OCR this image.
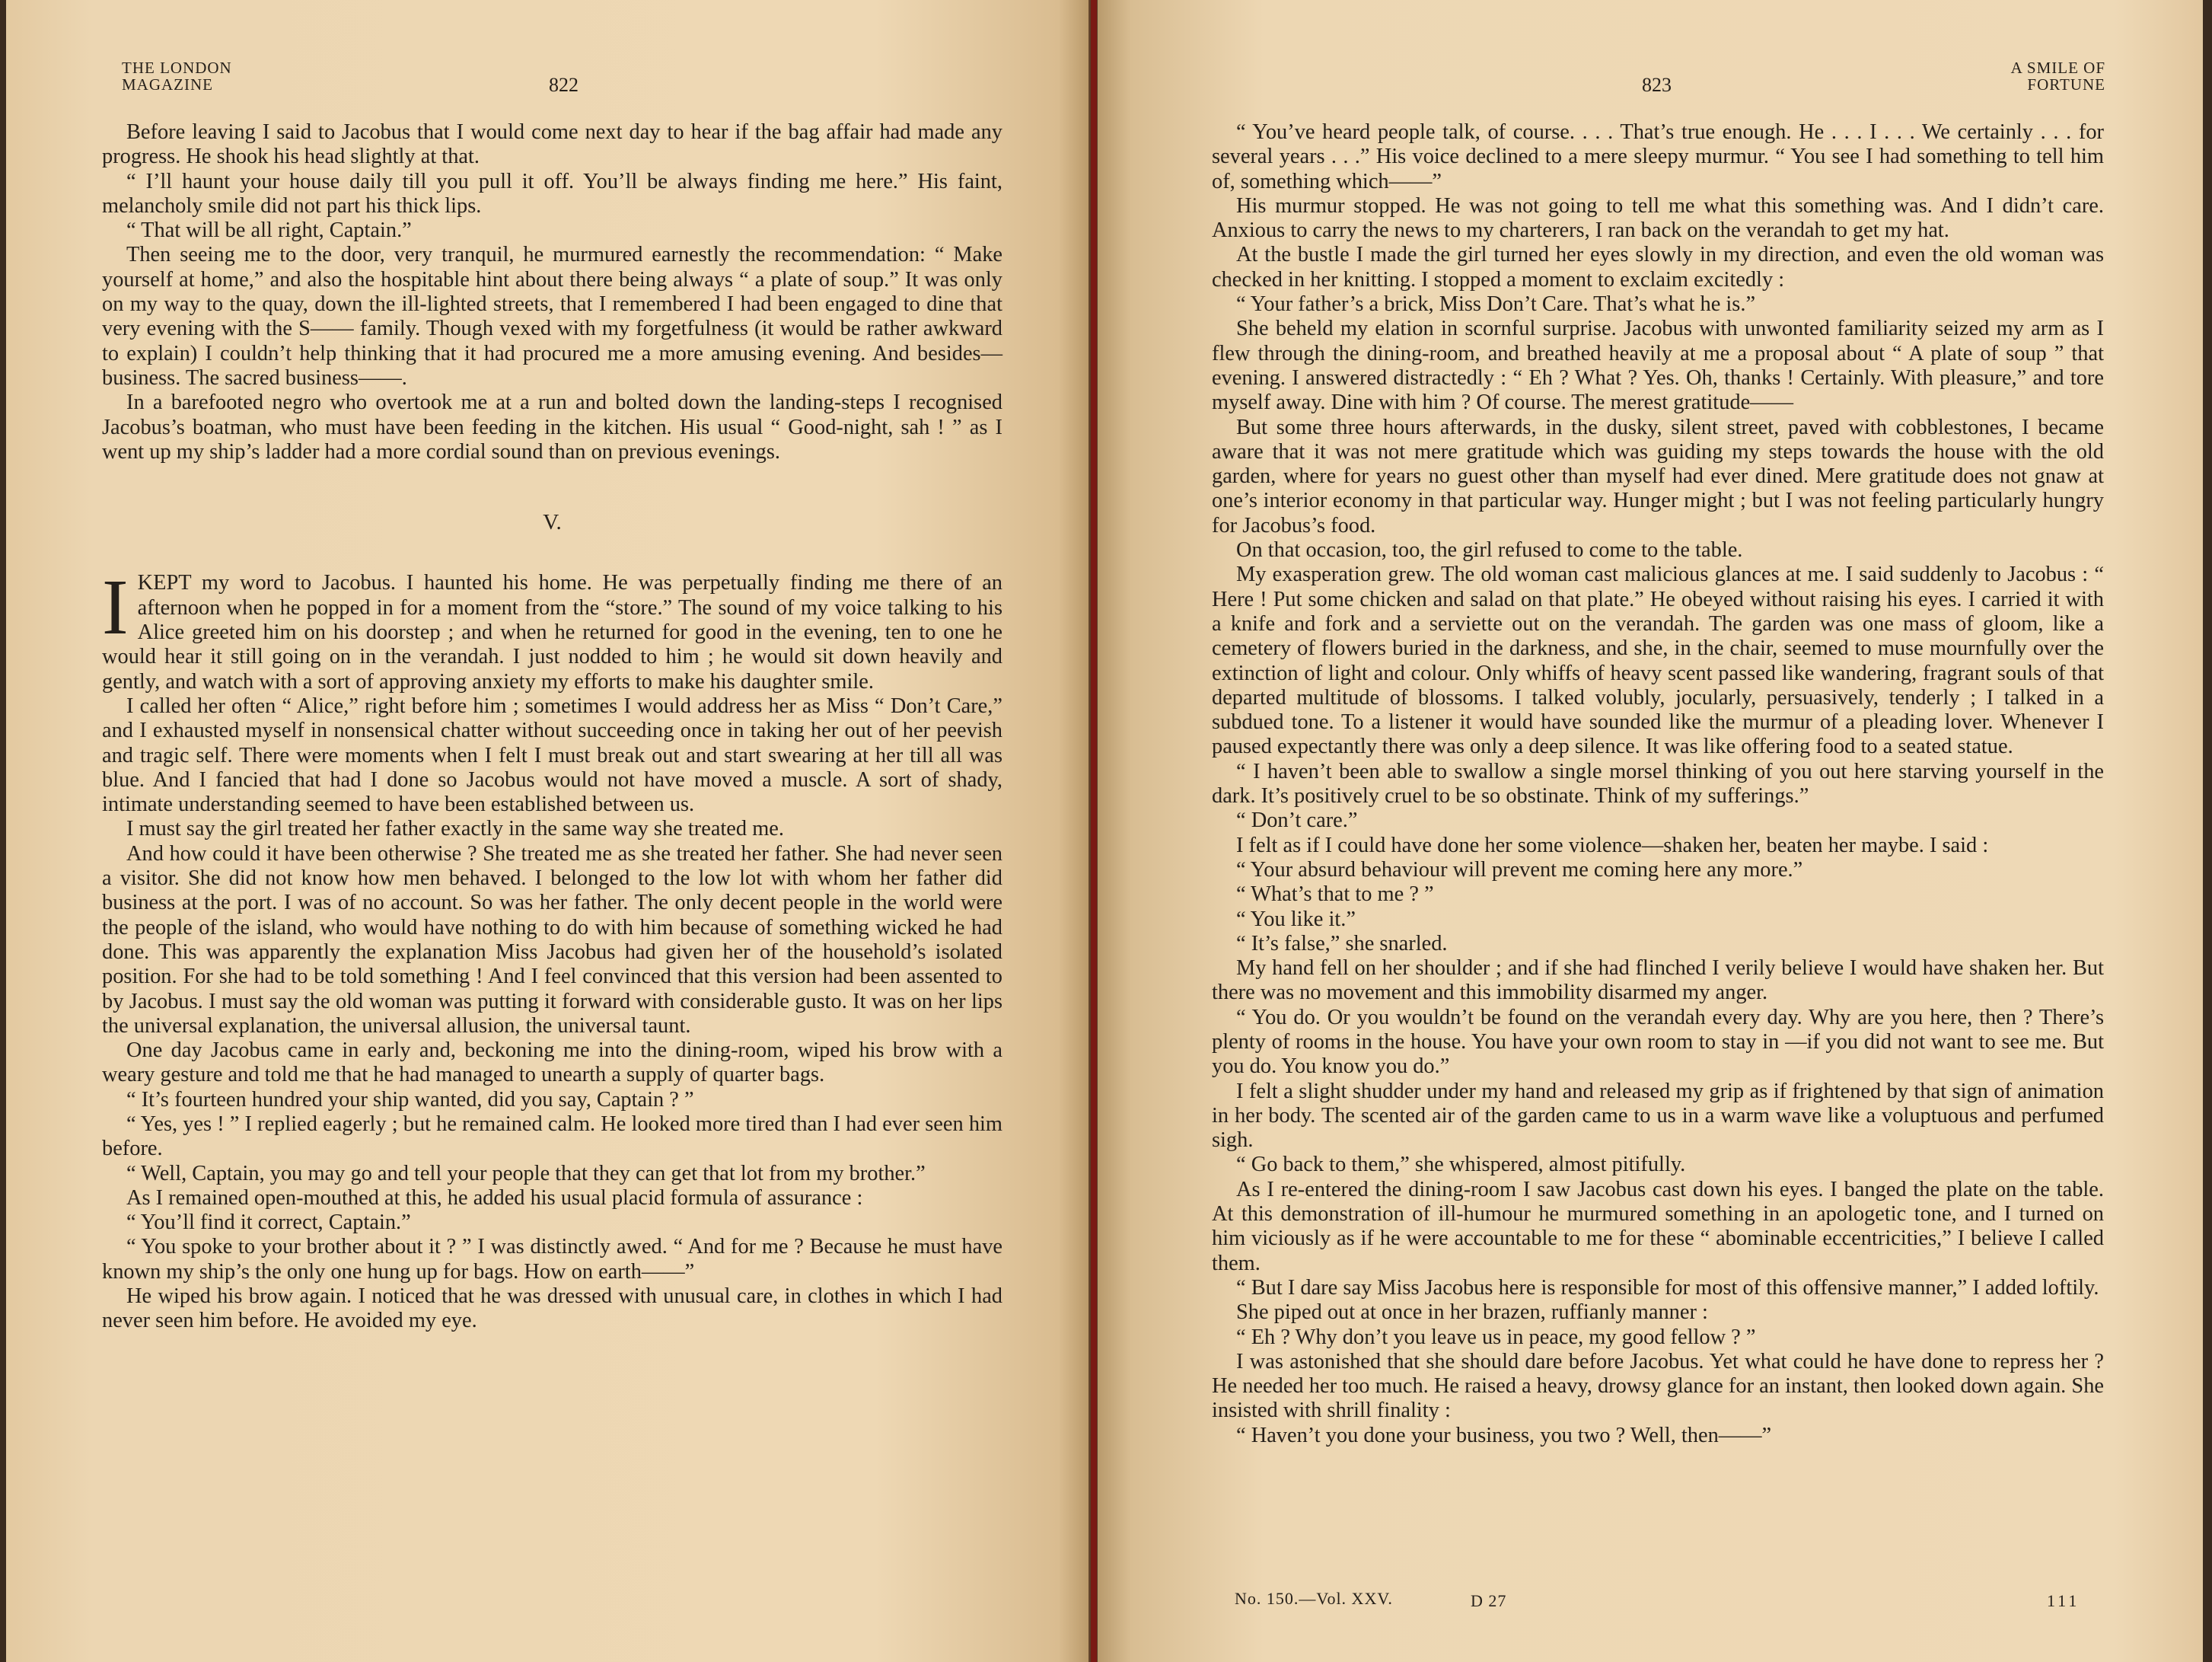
THE LONDON
MAGAZINE	822

Before leaving I said to Jacobus that I would come next day to hear if the bag affair had made any progress. He shook his head slightly at that.

“ I’ll haunt your house daily till you pull it off. You’ll be always finding me here.” His faint, melancholy smile did not part his thick lips.

“ That will be all right, Captain.”

Then seeing me to the door, very tranquil, he murmured earnestly the recommendation: “ Make yourself at home,” and also the hospitable hint about there being always “ a plate of soup.” It was only on my way to the quay, down the ill-lighted streets, that I remembered I had been engaged to dine that very evening with the S—— family. Though vexed with my forgetfulness (it would be rather awkward to explain) I couldn’t help thinking that it had procured me a more amusing evening. And besides—business. The sacred business——.

In a barefooted negro who overtook me at a run and bolted down the landing-steps I recognised Jacobus’s boatman, who must have been feeding in the kitchen. His usual “ Good-night, sah ! ” as I went up my ship’s ladder had a more cordial sound than on previous evenings.

V.

IKEPT my word to Jacobus. I haunted his home. He was perpetually finding me there of an afternoon when he popped in for a moment from the “store.” The sound of my voice talking to his Alice greeted him on his doorstep ; and when he returned for good in the evening, ten to one he would hear it still going on in the verandah. I just nodded to him ; he would sit down heavily and gently, and watch with a sort of approving anxiety my efforts to make his daughter smile.

I called her often “ Alice,” right before him ; sometimes I would address her as Miss “ Don’t Care,” and I exhausted myself in nonsensical chatter without succeeding once in taking her out of her peevish and tragic self. There were moments when I felt I must break out and start swearing at her till all was blue. And I fancied that had I done so Jacobus would not have moved a muscle. A sort of shady, intimate understanding seemed to have been established between us.

I must say the girl treated her father exactly in the same way she treated me.

And how could it have been otherwise ? She treated me as she treated her father. She had never seen a visitor. She did not know how men behaved. I belonged to the low lot with whom her father did business at the port. I was of no account. So was her father. The only decent people in the world were the people of the island, who would have nothing to do with him because of something wicked he had done. This was apparently the explanation Miss Jacobus had given her of the household’s isolated position. For she had to be told something ! And I feel convinced that this version had been assented to by Jacobus. I must say the old woman was putting it forward with considerable gusto. It was on her lips the universal explanation, the universal allusion, the universal taunt.

One day Jacobus came in early and, beckoning me into the dining-room, wiped his brow with a weary gesture and told me that he had managed to unearth a supply of quarter bags.

“ It’s fourteen hundred your ship wanted, did you say, Captain ? ”

“ Yes, yes ! ” I replied eagerly ; but he remained calm. He looked more tired than I had ever seen him before.

“ Well, Captain, you may go and tell your people that they can get that lot from my brother.”

As I remained open-mouthed at this, he added his usual placid formula of assurance :

“ You’ll find it correct, Captain.”

“ You spoke to your brother about it ? ” I was distinctly awed. “ And for me ? Because he must have known my ship’s the only one hung up for bags. How on earth——”

He wiped his brow again. I noticed that he was dressed with unusual care, in clothes in which I had never seen him before. He avoided my eye.

823
A SMILE OF
FORTUNE

“ You’ve heard people talk, of course. . . . That’s true enough. He . . . I . . . We certainly . . . for several years . . .” His voice declined to a mere sleepy murmur. “ You see I had something to tell him of, something which——”

His murmur stopped. He was not going to tell me what this something was. And I didn’t care. Anxious to carry the news to my charterers, I ran back on the verandah to get my hat.

At the bustle I made the girl turned her eyes slowly in my direction, and even the old woman was checked in her knitting. I stopped a moment to exclaim excitedly :

“ Your father’s a brick, Miss Don’t Care. That’s what he is.”

She beheld my elation in scornful surprise. Jacobus with unwonted familiarity seized my arm as I flew through the dining-room, and breathed heavily at me a proposal about “ A plate of soup ” that evening. I answered distractedly : “ Eh ? What ? Yes. Oh, thanks ! Certainly. With pleasure,” and tore myself away. Dine with him ? Of course. The merest gratitude——

But some three hours afterwards, in the dusky, silent street, paved with cobblestones, I became aware that it was not mere gratitude which was guiding my steps towards the house with the old garden, where for years no guest other than myself had ever dined. Mere gratitude does not gnaw at one’s interior economy in that particular way. Hunger might ; but I was not feeling particularly hungry for Jacobus’s food.

On that occasion, too, the girl refused to come to the table.

My exasperation grew. The old woman cast malicious glances at me. I said suddenly to Jacobus : “ Here ! Put some chicken and salad on that plate.” He obeyed without raising his eyes. I carried it with a knife and fork and a serviette out on the verandah. The garden was one mass of gloom, like a cemetery of flowers buried in the darkness, and she, in the chair, seemed to muse mournfully over the extinction of light and colour. Only whiffs of heavy scent passed like wandering, fragrant souls of that departed multitude of blossoms. I talked volubly, jocularly, persuasively, tenderly ; I talked in a subdued tone. To a listener it would have sounded like the murmur of a pleading lover. Whenever I paused expectantly there was only a deep silence. It was like offering food to a seated statue.

“ I haven’t been able to swallow a single morsel thinking of you out here starving yourself in the dark. It’s positively cruel to be so obstinate. Think of my sufferings.”

“ Don’t care.”

I felt as if I could have done her some violence—shaken her, beaten her maybe. I said :

“ Your absurd behaviour will prevent me coming here any more.”

“ What’s that to me ? ”

“ You like it.”

“ It’s false,” she snarled.

My hand fell on her shoulder ; and if she had flinched I verily believe I would have shaken her. But there was no movement and this immobility disarmed my anger.

“ You do. Or you wouldn’t be found on the verandah every day. Why are you here, then ? There’s plenty of rooms in the house. You have your own room to stay in —if you did not want to see me. But you do. You know you do.”

I felt a slight shudder under my hand and released my grip as if frightened by that sign of animation in her body. The scented air of the garden came to us in a warm wave like a voluptuous and perfumed sigh.

“ Go back to them,” she whispered, almost pitifully.

As I re-entered the dining-room I saw Jacobus cast down his eyes. I banged the plate on the table. At this demonstration of ill-humour he murmured something in an apologetic tone, and I turned on him viciously as if he were accountable to me for these “ abominable eccentricities,” I believe I called them.

“ But I dare say Miss Jacobus here is responsible for most of this offensive manner,” I added loftily.

She piped out at once in her brazen, ruffianly manner :

“ Eh ? Why don’t you leave us in peace, my good fellow ? ”

I was astonished that she should dare before Jacobus. Yet what could he have done to repress her ? He needed her too much. He raised a heavy, drowsy glance for an instant, then looked down again. She insisted with shrill finality :

“ Haven’t you done your business, you two ? Well, then——”

No. 150.—Vol. XXV.	D 27	111
